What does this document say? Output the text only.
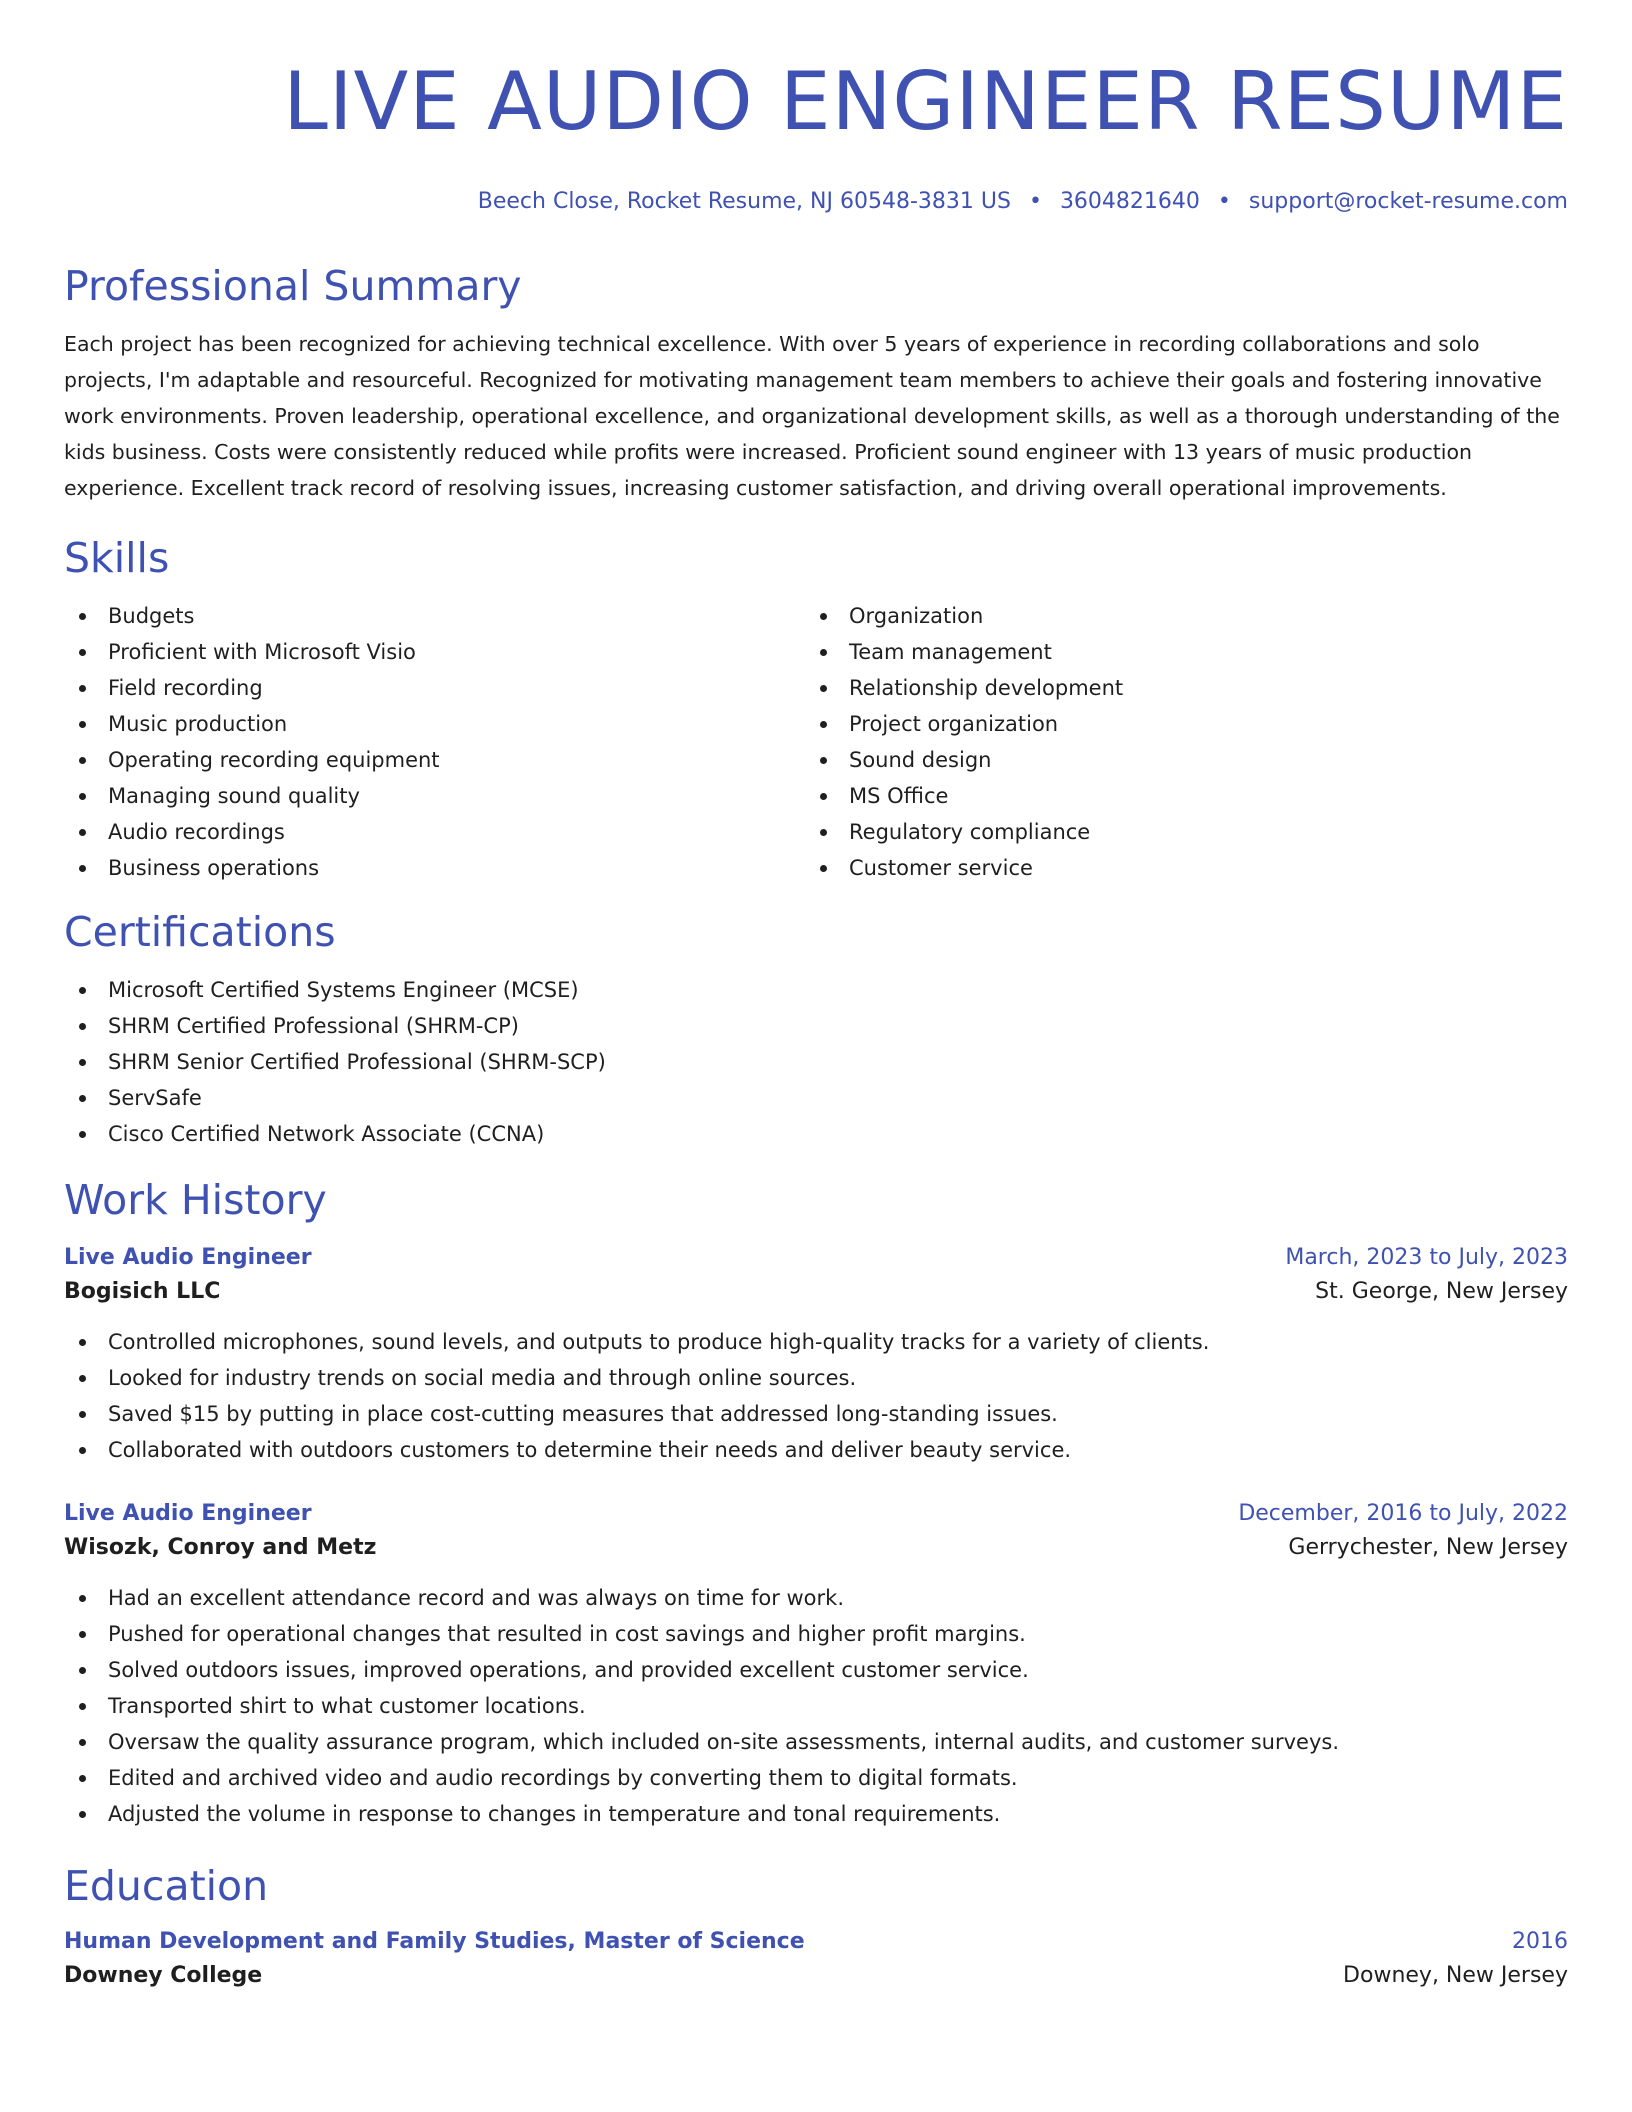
LIVE AUDIO ENGINEER RESUME
Beech Close, Rocket Resume, NJ 60548-3831 US • 3604821640 • support@rocket-resume.com
Professional Summary

Each project has been recognized for achieving technical excellence. With over 5 years of experience in recording collaborations and solo projects, I'm adaptable and resourceful. Recognized for motivating management team members to achieve their goals and fostering innovative work environments. Proven leadership, operational excellence, and organizational development skills, as well as a thorough understanding of the kids business. Costs were consistently reduced while profits were increased. Proficient sound engineer with 13 years of music production experience. Excellent track record of resolving issues, increasing customer satisfaction, and driving overall operational improvements.

Skills
Budgets
Proficient with Microsoft Visio
Field recording
Music production
Operating recording equipment
Managing sound quality
Audio recordings
Business operations
Organization
Team management
Relationship development
Project organization
Sound design
MS Office
Regulatory compliance
Customer service
Certifications
Microsoft Certified Systems Engineer (MCSE)
SHRM Certified Professional (SHRM-CP)
SHRM Senior Certified Professional (SHRM-SCP)
ServSafe
Cisco Certified Network Associate (CCNA)
Work History
Live Audio Engineer	March, 2023 to July, 2023
Bogisich LLC	St. George, New Jersey
Controlled microphones, sound levels, and outputs to produce high-quality tracks for a variety of clients.
Looked for industry trends on social media and through online sources.
Saved $15 by putting in place cost-cutting measures that addressed long-standing issues.
Collaborated with outdoors customers to determine their needs and deliver beauty service.
Live Audio Engineer	December, 2016 to July, 2022
Wisozk, Conroy and Metz	Gerrychester, New Jersey
Had an excellent attendance record and was always on time for work.
Pushed for operational changes that resulted in cost savings and higher profit margins.
Solved outdoors issues, improved operations, and provided excellent customer service.
Transported shirt to what customer locations.
Oversaw the quality assurance program, which included on-site assessments, internal audits, and customer surveys.
Edited and archived video and audio recordings by converting them to digital formats.
Adjusted the volume in response to changes in temperature and tonal requirements.
Education
Human Development and Family Studies, Master of Science	2016
Downey College	Downey, New Jersey
